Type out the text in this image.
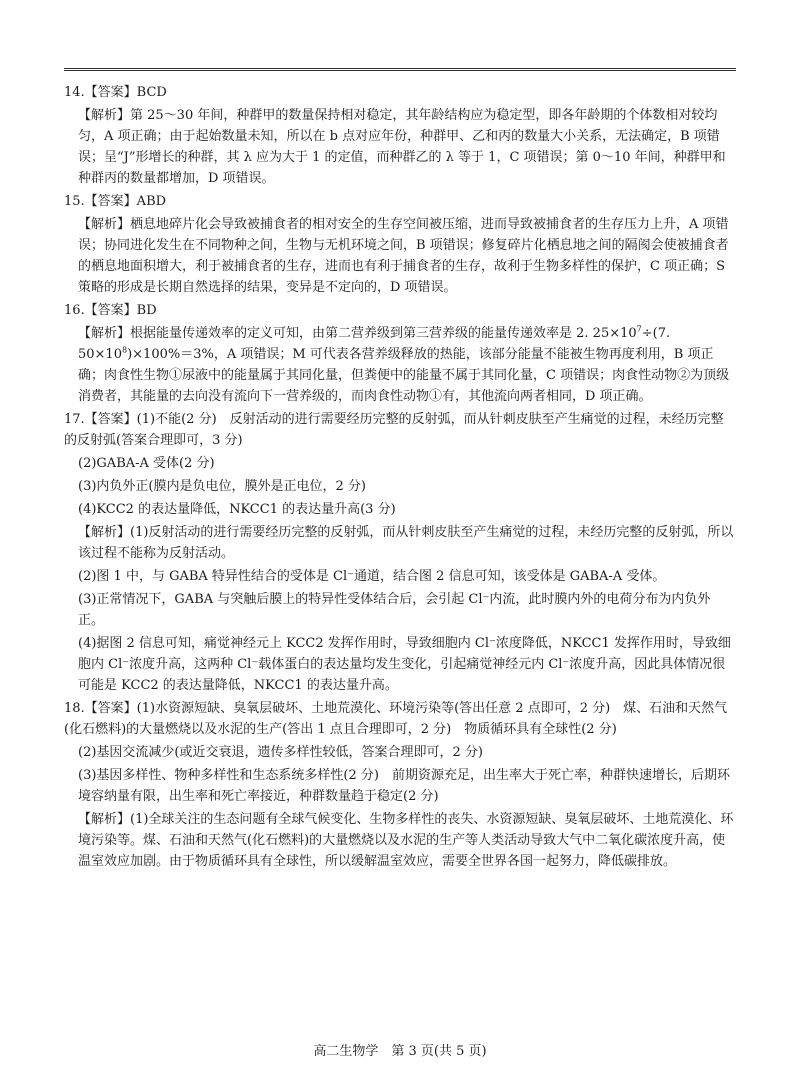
14.【答案】BCD

【解析】第 25～30 年间，种群甲的数量保持相对稳定，其年龄结构应为稳定型，即各年龄期的个体数相对较均匀，A 项正确；由于起始数量未知，所以在 b 点对应年份，种群甲、乙和丙的数量大小关系，无法确定，B 项错误；呈“J”形增长的种群，其 λ 应为大于 1 的定值，而种群乙的 λ 等于 1，C 项错误；第 0～10 年间，种群甲和种群丙的数量都增加，D 项错误。

15.【答案】ABD

【解析】栖息地碎片化会导致被捕食者的相对安全的生存空间被压缩，进而导致被捕食者的生存压力上升，A 项错误；协同进化发生在不同物种之间，生物与无机环境之间，B 项错误；修复碎片化栖息地之间的隔阂会使被捕食者的栖息地面积增大，利于被捕食者的生存，进而也有利于捕食者的生存，故利于生物多样性的保护，C 项正确；S 策略的形成是长期自然选择的结果，变异是不定向的，D 项错误。

16.【答案】BD

【解析】根据能量传递效率的定义可知，由第二营养级到第三营养级的能量传递效率是 2. $25\times 10^7\div(7$. $50\times 10^8)\times 100\%=3\%$，A 项错误；M 可代表各营养级释放的热能，该部分能量不能被生物再度利用，B 项正确；肉食性生物①尿液中的能量属于其同化量，但粪便中的能量不属于其同化量，C 项错误；肉食性动物②为顶级消费者，其能量的去向没有流向下一营养级的，而肉食性动物①有，其他流向两者相同，D 项正确。

17.【答案】(1)不能(2 分)　反射活动的进行需要经历完整的反射弧，而从针刺皮肤至产生痛觉的过程，未经历完整的反射弧(答案合理即可，3 分)

(2)GABA-A 受体(2 分)

(3)内负外正(膜内是负电位，膜外是正电位，2 分)

(4)KCC2 的表达量降低，NKCC1 的表达量升高(3 分)

【解析】(1)反射活动的进行需要经历完整的反射弧，而从针刺皮肤至产生痛觉的过程，未经历完整的反射弧，所以该过程不能称为反射活动。

(2)图 1 中，与 GABA 特异性结合的受体是 Cl⁻通道，结合图 2 信息可知，该受体是 GABA-A 受体。

(3)正常情况下，GABA 与突触后膜上的特异性受体结合后，会引起 Cl⁻内流，此时膜内外的电荷分布为内负外正。

(4)据图 2 信息可知，痛觉神经元上 KCC2 发挥作用时，导致细胞内 Cl⁻浓度降低，NKCC1 发挥作用时，导致细胞内 Cl⁻浓度升高，这两种 Cl⁻载体蛋白的表达量均发生变化，引起痛觉神经元内 Cl⁻浓度升高，因此具体情况很可能是 KCC2 的表达量降低，NKCC1 的表达量升高。

18.【答案】(1)水资源短缺、臭氧层破坏、土地荒漠化、环境污染等(答出任意 2 点即可，2 分)　煤、石油和天然气(化石燃料)的大量燃烧以及水泥的生产(答出 1 点且合理即可，2 分)　物质循环具有全球性(2 分)

(2)基因交流减少(或近交衰退，遗传多样性较低，答案合理即可，2 分)

(3)基因多样性、物种多样性和生态系统多样性(2 分)　前期资源充足，出生率大于死亡率，种群快速增长，后期环境容纳量有限，出生率和死亡率接近，种群数量趋于稳定(2 分)

【解析】(1)全球关注的生态问题有全球气候变化、生物多样性的丧失、水资源短缺、臭氧层破坏、土地荒漠化、环境污染等。煤、石油和天然气(化石燃料)的大量燃烧以及水泥的生产等人类活动导致大气中二氧化碳浓度升高，使温室效应加剧。由于物质循环具有全球性，所以缓解温室效应，需要全世界各国一起努力，降低碳排放。

高二生物学　第 3 页(共 5 页)
